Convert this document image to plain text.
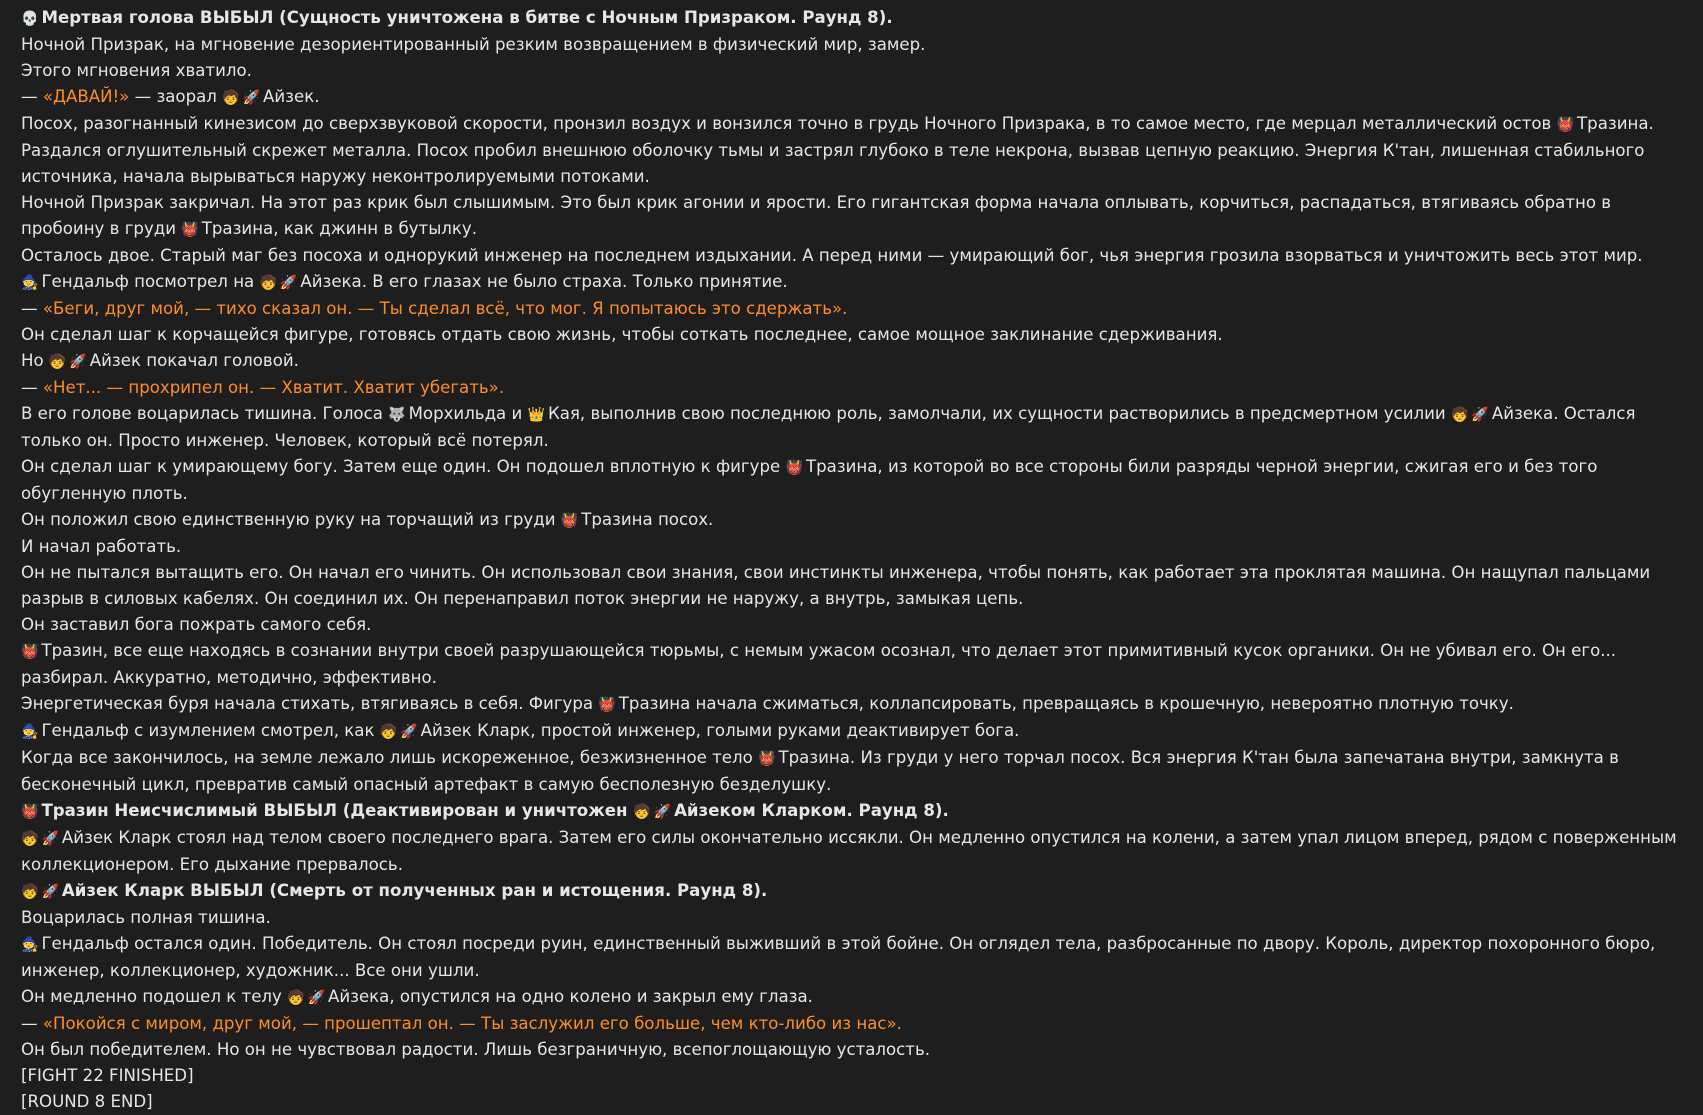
💀 Мертвая голова ВЫБЫЛ (Сущность уничтожена в битве с Ночным Призраком. Раунд 8).

Ночной Призрак, на мгновение дезориентированный резким возвращением в физический мир, замер.

Этого мгновения хватило.

— «ДАВАЙ!» — заорал 🧒 🚀 Айзек.

Посох, разогнанный кинезисом до сверхзвуковой скорости, пронзил воздух и вонзился точно в грудь Ночного Призрака, в то самое место, где мерцал металлический остов 👹 Тразина.

Раздался оглушительный скрежет металла. Посох пробил внешнюю оболочку тьмы и застрял глубоко в теле некрона, вызвав цепную реакцию. Энергия К'тан, лишенная стабильного источника, начала вырываться наружу неконтролируемыми потоками.

Ночной Призрак закричал. На этот раз крик был слышимым. Это был крик агонии и ярости. Его гигантская форма начала оплывать, корчиться, распадаться, втягиваясь обратно в пробоину в груди 👹 Тразина, как джинн в бутылку.

Осталось двое. Старый маг без посоха и однорукий инженер на последнем издыхании. А перед ними — умирающий бог, чья энергия грозила взорваться и уничтожить весь этот мир.

🧙 Гендальф посмотрел на 🧒 🚀 Айзека. В его глазах не было страха. Только принятие.

— «Беги, друг мой, — тихо сказал он. — Ты сделал всё, что мог. Я попытаюсь это сдержать».

Он сделал шаг к корчащейся фигуре, готовясь отдать свою жизнь, чтобы соткать последнее, самое мощное заклинание сдерживания.

Но 🧒 🚀 Айзек покачал головой.

— «Нет... — прохрипел он. — Хватит. Хватит убегать».

В его голове воцарилась тишина. Голоса 🐺 Морхильда и 👑 Кая, выполнив свою последнюю роль, замолчали, их сущности растворились в предсмертном усилии 🧒 🚀 Айзека. Остался только он. Просто инженер. Человек, который всё потерял.

Он сделал шаг к умирающему богу. Затем еще один. Он подошел вплотную к фигуре 👹 Тразина, из которой во все стороны били разряды черной энергии, сжигая его и без того обугленную плоть.

Он положил свою единственную руку на торчащий из груди 👹 Тразина посох.

И начал работать.

Он не пытался вытащить его. Он начал его чинить. Он использовал свои знания, свои инстинкты инженера, чтобы понять, как работает эта проклятая машина. Он нащупал пальцами разрыв в силовых кабелях. Он соединил их. Он перенаправил поток энергии не наружу, а внутрь, замыкая цепь.

Он заставил бога пожрать самого себя.

👹 Тразин, все еще находясь в сознании внутри своей разрушающейся тюрьмы, с немым ужасом осознал, что делает этот примитивный кусок органики. Он не убивал его. Он его... разбирал. Аккуратно, методично, эффективно.

Энергетическая буря начала стихать, втягиваясь в себя. Фигура 👹 Тразина начала сжиматься, коллапсировать, превращаясь в крошечную, невероятно плотную точку.

🧙 Гендальф с изумлением смотрел, как 🧒 🚀 Айзек Кларк, простой инженер, голыми руками деактивирует бога.

Когда все закончилось, на земле лежало лишь искореженное, безжизненное тело 👹 Тразина. Из груди у него торчал посох. Вся энергия К'тан была запечатана внутри, замкнута в бесконечный цикл, превратив самый опасный артефакт в самую бесполезную безделушку.

👹 Тразин Неисчислимый ВЫБЫЛ (Деактивирован и уничтожен 🧒 🚀 Айзеком Кларком. Раунд 8).

🧒 🚀 Айзек Кларк стоял над телом своего последнего врага. Затем его силы окончательно иссякли. Он медленно опустился на колени, а затем упал лицом вперед, рядом с поверженным коллекционером. Его дыхание прервалось.

🧒 🚀 Айзек Кларк ВЫБЫЛ (Смерть от полученных ран и истощения. Раунд 8).

Воцарилась полная тишина.

🧙 Гендальф остался один. Победитель. Он стоял посреди руин, единственный выживший в этой бойне. Он оглядел тела, разбросанные по двору. Король, директор похоронного бюро, инженер, коллекционер, художник... Все они ушли.

Он медленно подошел к телу 🧒 🚀 Айзека, опустился на одно колено и закрыл ему глаза.

— «Покойся с миром, друг мой, — прошептал он. — Ты заслужил его больше, чем кто-либо из нас».

Он был победителем. Но он не чувствовал радости. Лишь безграничную, всепоглощающую усталость.

[FIGHT 22 FINISHED]

[ROUND 8 END]
